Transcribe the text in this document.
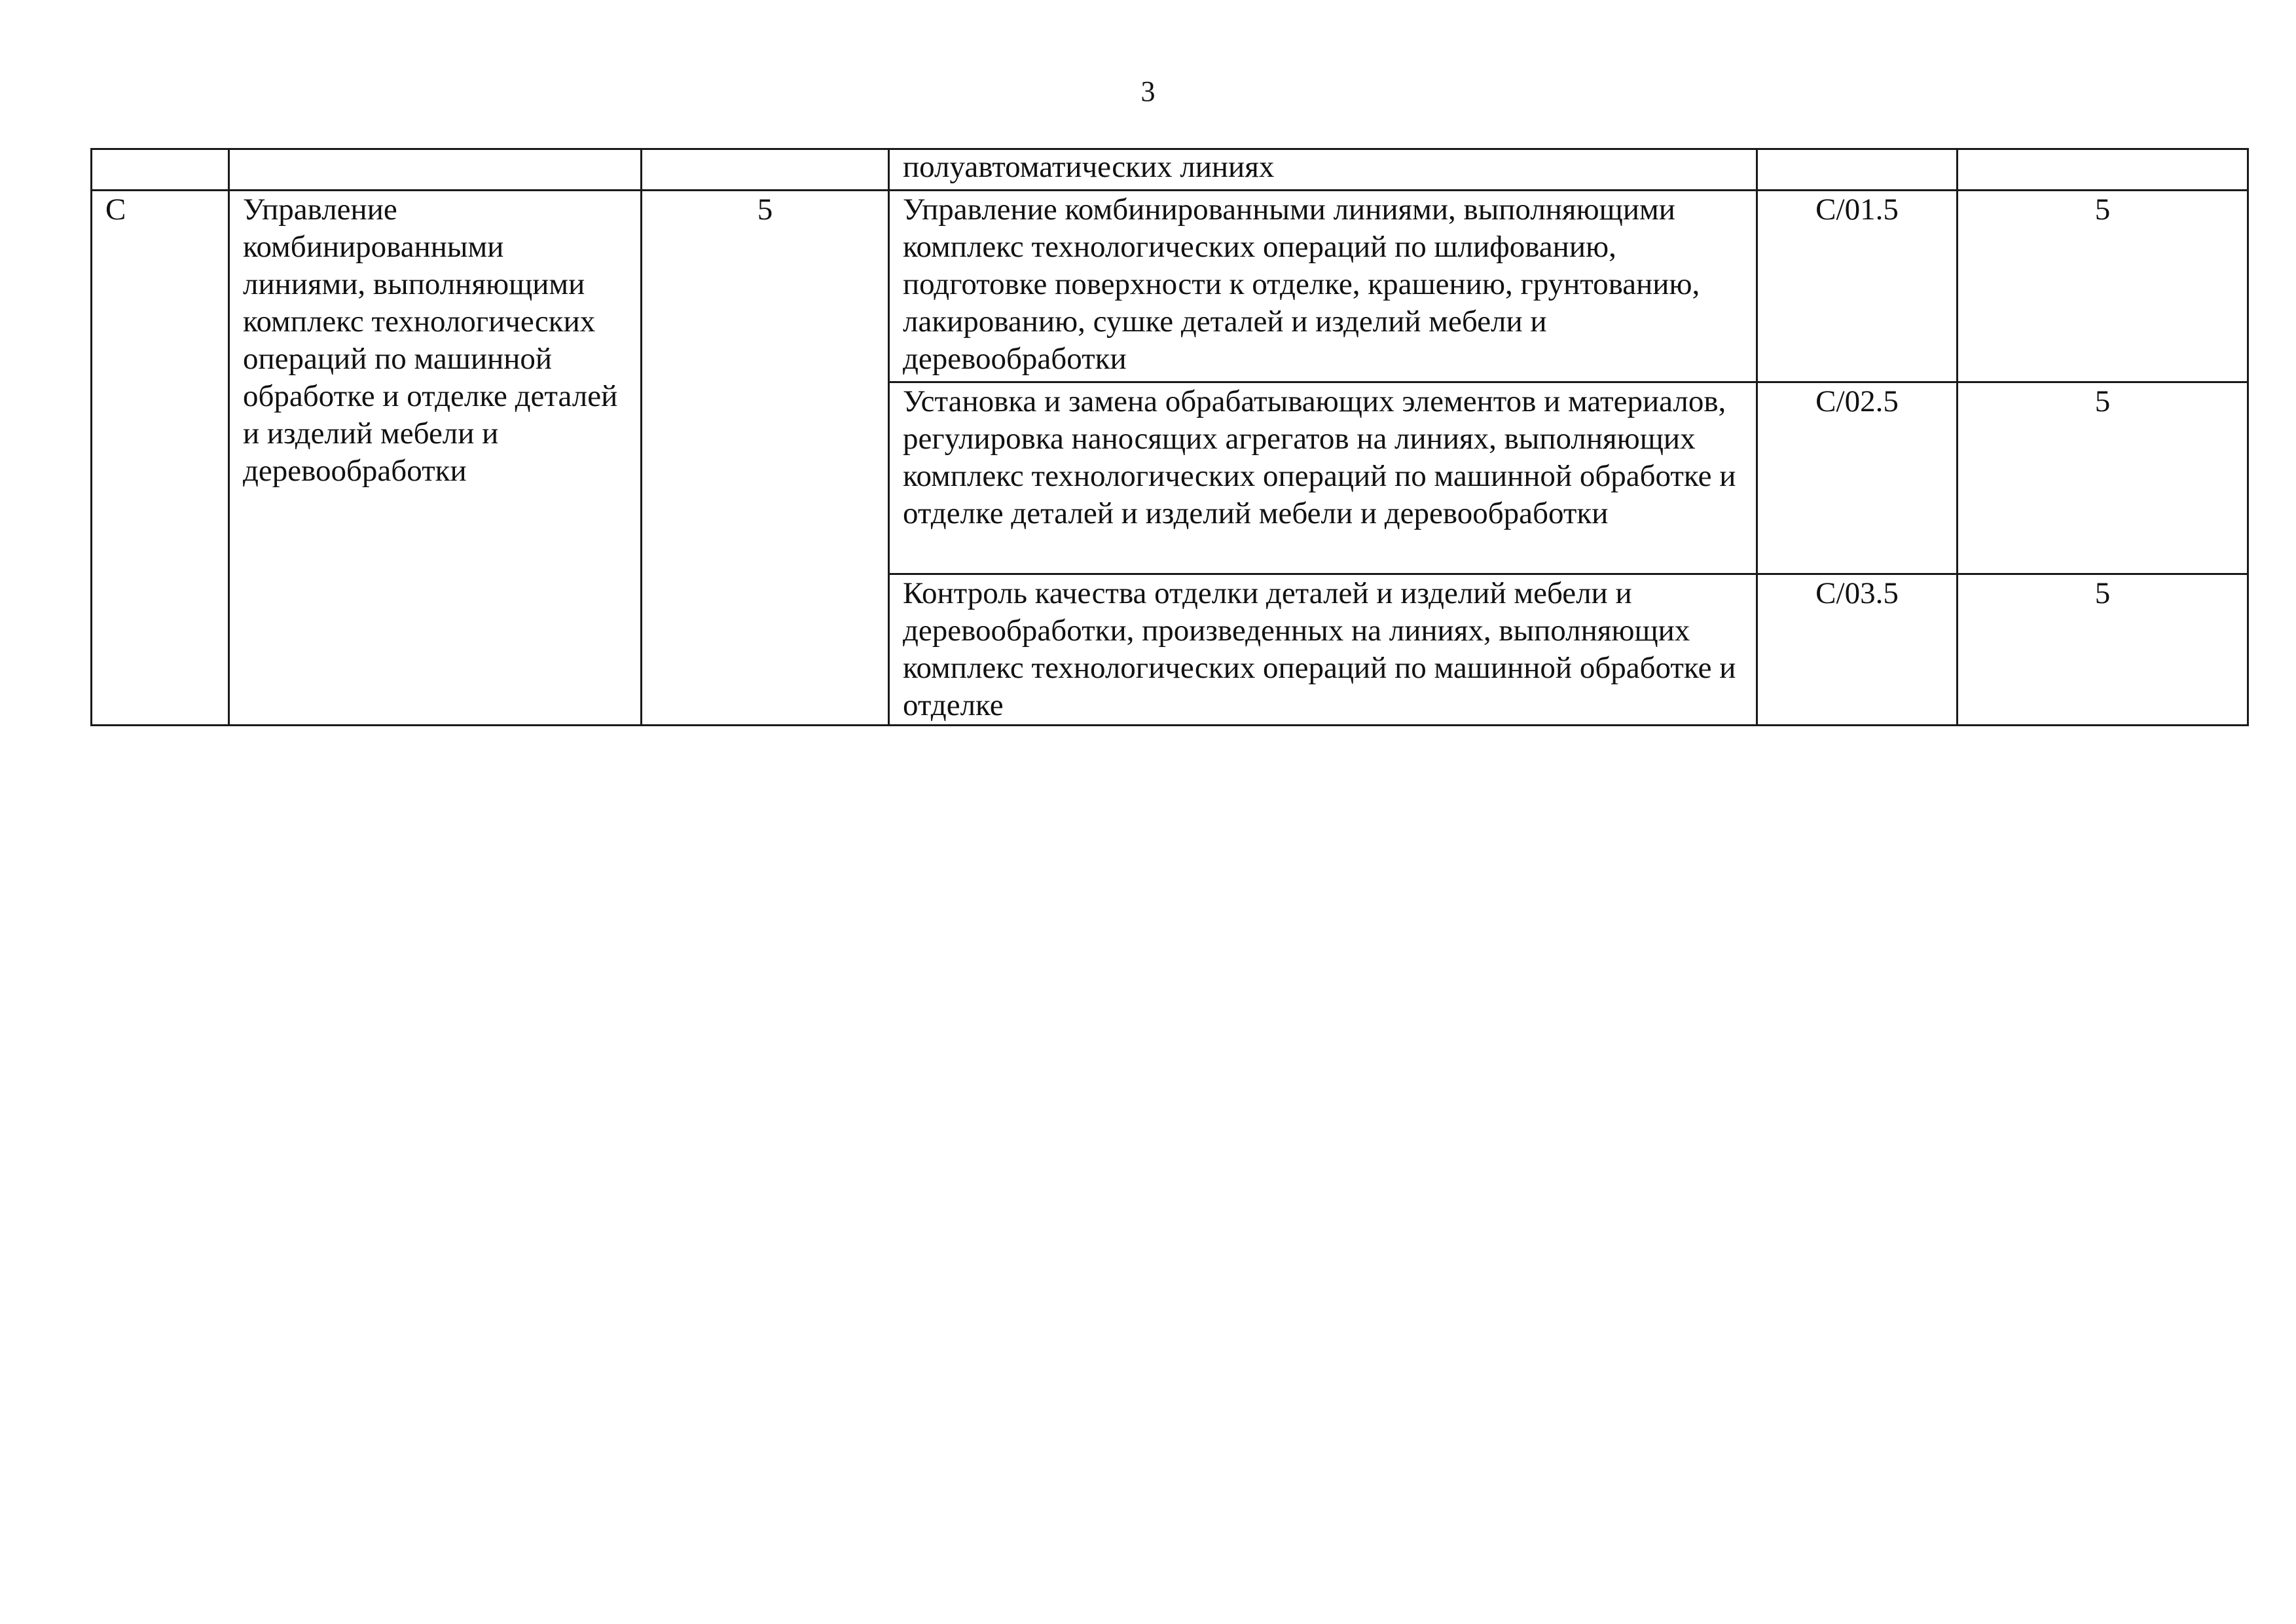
3
			полуавтоматических линиях		
C	Управление комбинированными линиями, выполняющими комплекс технологических операций по машинной обработке и отделке деталей и изделий мебели и деревообработки	5	Управление комбинированными линиями, выполняющими комплекс технологических операций по шлифованию, подготовке поверхности к отделке, крашению, грунтованию, лакированию, сушке деталей и изделий мебели и деревообработки	C/01.5	5
			Установка и замена обрабатывающих элементов и материалов, регулировка наносящих агрегатов на линиях, выполняющих комплекс технологических операций по машинной обработке и отделке деталей и изделий мебели и деревообработки	C/02.5	5
			Контроль качества отделки деталей и изделий мебели и деревообработки, произведенных на линиях, выполняющих комплекс технологических операций по машинной обработке и отделке	C/03.5	5
